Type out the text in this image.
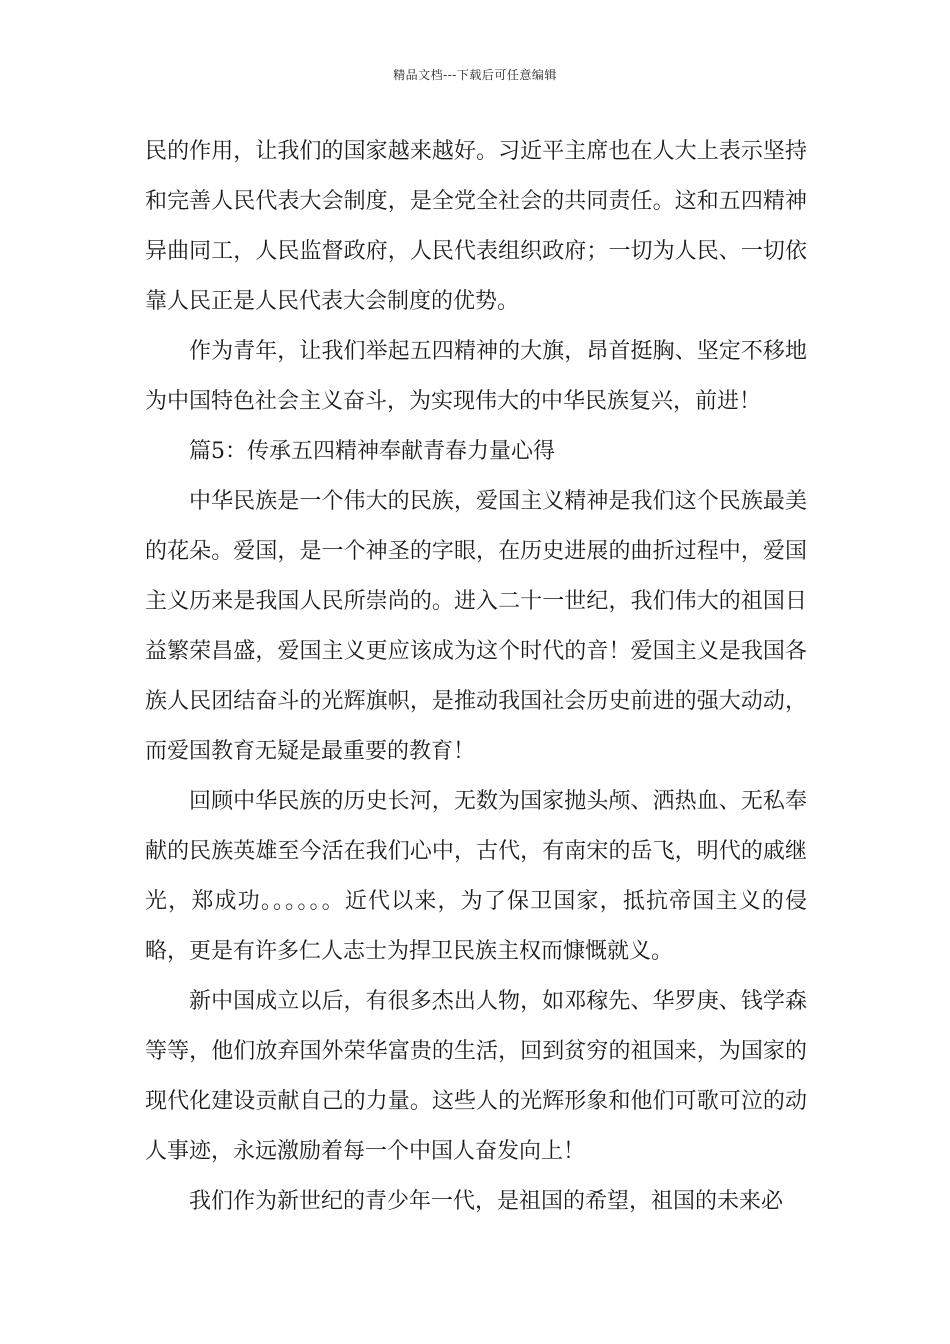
精品文档---下载后可任意编辑

民的作用，让我们的国家越来越好。习近平主席也在人大上表示坚持和完善人民代表大会制度，是全党全社会的共同责任。这和五四精神异曲同工，人民监督政府，人民代表组织政府；一切为人民、一切依靠人民正是人民代表大会制度的优势。

作为青年，让我们举起五四精神的大旗，昂首挺胸、坚定不移地为中国特色社会主义奋斗，为实现伟大的中华民族复兴，前进！

篇5：传承五四精神奉献青春力量心得

中华民族是一个伟大的民族，爱国主义精神是我们这个民族最美的花朵。爱国，是一个神圣的字眼，在历史进展的曲折过程中，爱国主义历来是我国人民所崇尚的。进入二十一世纪，我们伟大的祖国日益繁荣昌盛，爱国主义更应该成为这个时代的音！爱国主义是我国各族人民团结奋斗的光辉旗帜，是推动我国社会历史前进的强大动动，而爱国教育无疑是最重要的教育！

回顾中华民族的历史长河，无数为国家抛头颅、洒热血、无私奉献的民族英雄至今活在我们心中，古代，有南宋的岳飞，明代的戚继光，郑成功。。。。。。近代以来，为了保卫国家，抵抗帝国主义的侵略，更是有许多仁人志士为捍卫民族主权而慷慨就义。

新中国成立以后，有很多杰出人物，如邓稼先、华罗庚、钱学森等等，他们放弃国外荣华富贵的生活，回到贫穷的祖国来，为国家的现代化建设贡献自己的力量。这些人的光辉形象和他们可歌可泣的动人事迹，永远激励着每一个中国人奋发向上！

我们作为新世纪的青少年一代，是祖国的希望，祖国的未来必
